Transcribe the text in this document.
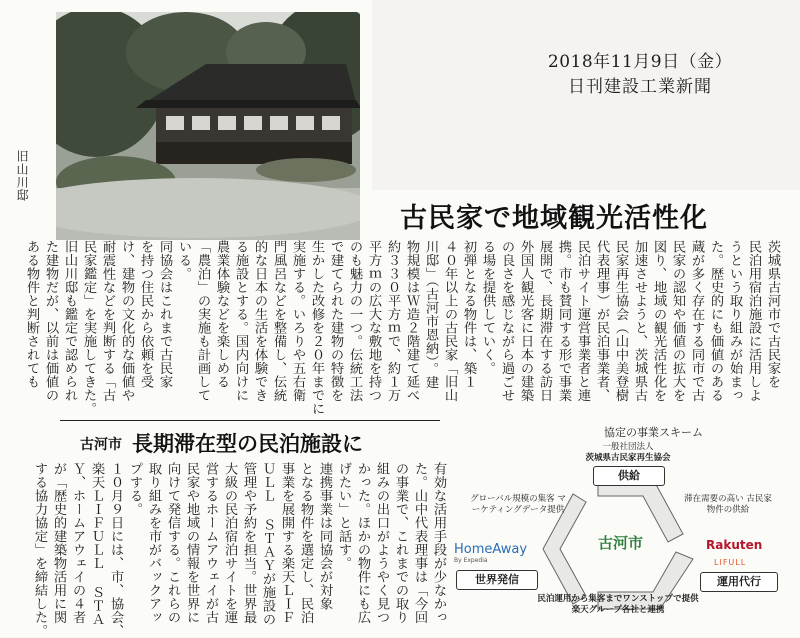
旧山川邸
2018年11月9日（金）
日刊建設工業新聞
古民家で地域観光活性化
茨城県古河市で古民家を
民泊用宿泊施設に活用しよ
うという取り組みが始まっ
た。歴史的にも価値のある
蔵が多く存在する同市で古
民家の認知や価値の拡大を
図り、地域の観光活性化を
加速させようと、茨城県古
民家再生協会（山中美登樹
代表理事）が民泊事業者、
民泊サイト運営事業者と連
携。市も賛同する形で事業
展開で、長期滞在する訪日
外国人観光客に日本の建築
の良さを感じながら過ごせ
る場を提供していく。
初弾となる物件は、築１
４０年以上の古民家「旧山
川邸」（古河市恩納）。建
物規模はＷ造２階建て延べ
約３３０平方ｍで、約１万
平方ｍの広大な敷地を持つ
のも魅力の一つ。伝統工法
で建てられた建物の特徴を
生かした改修を２０年までに
実施する。いろりや五右衛
門風呂などを整備し、伝統
的な日本の生活を体験でき
る施設とする。国内向けに
農業体験などを楽しめる
「農泊」の実施も計画して
いる。
同協会はこれまで古民家
を持つ住民から依頼を受
け、建物の文化的な価値や
耐震性などを判断する「古
民家鑑定」を実施してきた。
旧山川邸も鑑定で認められ
た建物だが、以前は価値の
ある物件と判断されても
古河市 長期滞在型の民泊施設に
有効な活用手段が少なかっ
た。山中代表理事は「今回
の事業で、これまでの取り
組みの出口がようやく見つ
かった。ほかの物件にも広
げたい」と話す。
連携事業は同協会が対象
となる物件を選定し、民泊
事業を展開する楽天ＬＩＦ
ＵＬＬ ＳＴＡＹが施設の
管理や予約を担当。世界最
大級の民泊宿泊サイトを運
営するホームアウェイが古
民家や地域の情報を世界に
向けて発信する。これらの
取り組みを市がバックアッ
プする。
１０月９日には、市、協会、
楽天ＬＩＦＵＬＬ ＳＴＡ
Ｙ、ホームアウェイの４者
が「歴史的建築物活用に関
する協力協定」を締結した。
協定の事業スキーム
一般社団法人
茨城県古民家再生協会
供給
グローバル規模の集客 マーケティングデータ提供
滞在需要の高い 古民家物件の供給
古河市
HomeAway
By Expedia
Rakuten
LIFULL
世界発信	運用代行
民泊運用から集客までワンストップで提供
楽天グループ各社と連携
